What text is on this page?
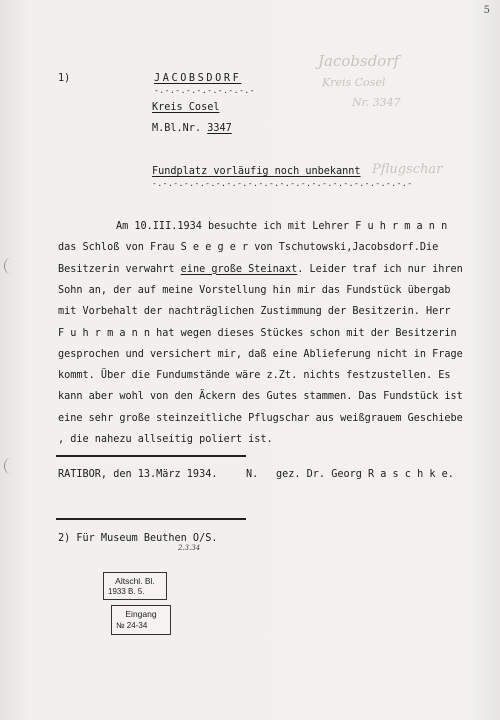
Jacobsdorf
Kreis Cosel
Nr. 3347
Pflugschar
5
1)	JACOBSDORF
-.-.-.-.-.-.-.-.-.-
Kreis Cosel
M.Bl.Nr. 3347
Fundplatz vorläufig noch unbekannt
-.-.-.-.-.-.-.-.-.-.-.-.-.-.-.-.-.-.-.-.-.-.-.-.-
RATIBOR, den 13.März 1934.	N. gez. Dr. Georg R a s c h k e.
2) Für Museum Beuthen O/S.
2.3.34
Altschl. Bl.
1933 B. 5.
Eingang
№ 24-34
Am 10.III.1934 besuchte ich mit Lehrer F u h r m a n n
das Schloß von Frau S e e g e r von Tschutowski,Jacobsdorf.Die
Besitzerin verwahrt eine große Steinaxt. Leider traf ich nur ihren
Sohn an, der auf meine Vorstellung hin mir das Fundstück übergab
mit Vorbehalt der nachträglichen Zustimmung der Besitzerin. Herr
F u h r m a n n hat wegen dieses Stückes schon mit der Besitzerin
gesprochen und versichert mir, daß eine Ablieferung nicht in Frage
kommt. Über die Fundumstände wäre z.Zt. nichts festzustellen. Es
kann aber wohl von den Äckern des Gutes stammen. Das Fundstück ist
eine sehr große steinzeitliche Pflugschar aus weißgrauem Geschiebe
, die nahezu allseitig poliert ist.
